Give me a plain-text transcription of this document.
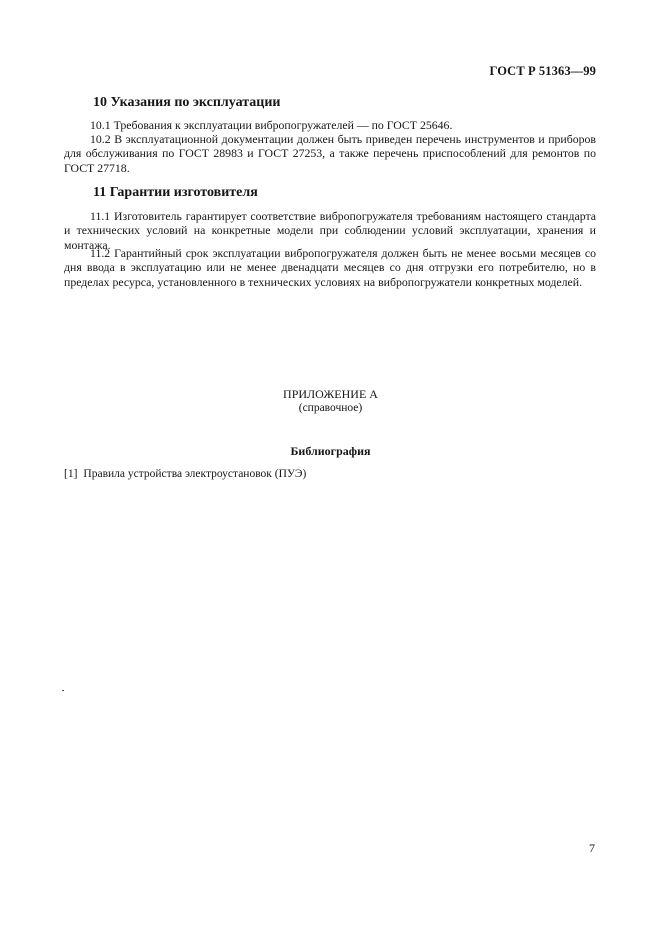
ГОСТ Р 51363—99
10 Указания по эксплуатации

10.1 Требования к эксплуатации вибропогружателей — по ГОСТ 25646.

10.2 В эксплуатационной документации должен быть приведен перечень инструментов и приборов для обслуживания по ГОСТ 28983 и ГОСТ 27253, а также перечень приспособлений для ремонтов по ГОСТ 27718.

11 Гарантии изготовителя

11.1 Изготовитель гарантирует соответствие вибропогружателя требованиям настоящего стандарта и технических условий на конкретные модели при соблюдении условий эксплуатации, хранения и монтажа.

11.2 Гарантийный срок эксплуатации вибропогружателя должен быть не менее восьми месяцев со дня ввода в эксплуатацию или не менее двенадцати месяцев со дня отгрузки его потребителю, но в пределах ресурса, установленного в технических условиях на вибропогружатели конкретных моделей.

ПРИЛОЖЕНИЕ А
(справочное)
Библиография
[1] Правила устройства электроустановок (ПУЭ)
7
